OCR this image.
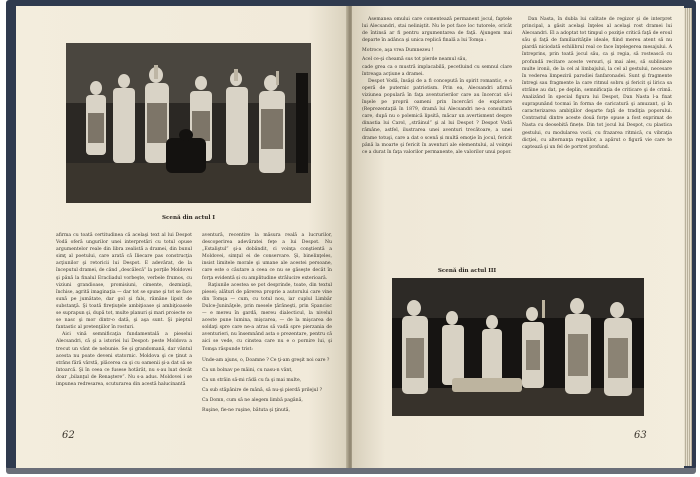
Scenă din actul I

afirma cu toată certitudinea că acelaşi text al lui Despot Vodă oferă ungurilor unei interpretări cu totul opuse argumentelor reale din libra zealistă a dramei, din bunul simţ al poetului, care arată că Iliecare pas construcţia acţiunilor şi retoricii lui Despot. E adevărat, de la începutul dramei, de când „descălecă” la porţile Moldovei şi până la finalul Eracliadul vorbeşte, verbele frumos, cu viziuni grandioase, promisiuni, cimente, dezmiaţii, închise, agrită imaginaţia — dar tot se spune şi tot se face sună pe jumătate, dar gol şi fals, rămâne lipsit de substanţă. Şi toată fireţiuţele ambiţioase şi ambiţioasele se suprapun şi, după tot, multe planuri şi mari proiecte ce se nasc şi mor dintr-o dată, şi aşa sunt. Şi pieptul fantastic al pretenţiilor în rosturi.

Aici vină semnificaţia fundamentală a pieselui Alecsandri, că şi a istoriei lui Despot: peste Moldova a trecut un vânt de nebunie. Se şi grandomană, dar vântul acesta nu poate deveni statornic. Moldova şi ce ţinut a strâns fără vârstă, plăcerea ca şi cu oamenii şi-a dat să se întoarcă. Şi în ceea ce fusese hotărât, nu s-au luat decât doar „bilanţul de Renaştere”. Nu s-a adus. Moldovei i se impunea redresarea, scuturarea din acestă halucinantă

aventură, recentire la măsura reală a lucrurilor, descoperirea adevăratei feţe a lui Despot. Nu „Estaliştul” şi-a dobândit, ci voinţa conştientă a Moldovei, simţul ei de conservare. Şi, binelinţeles, insist limitele morale şi umane ale acestei persoane, care este o căutare a ceea ce nu se găseşte decât în forţa evidentă și cu amplitudine strălucire exterioară.

Raţiunile acestea se pot desprinde, toate, din textul piesei; alături de părerea proprie a autorului care vine din Tomşa — cum, cu totul nou, iar cuplul Limbăr Dulce-Juninăţele, prin mesele ţărăneşti, prin Spancioc — e mereu în gardă, mereu dialecticul, la nivelul aceste pune lumina, mişcarea, — de la mişcarea de soldaţi spre care ne-a atras să vadă spre pierzania de aventurieri, nu însemnând asta o prezentare, pentru că aici se vede, cu cinstea care nu e o pornire lui, şi Tomşa răspunde trist:

Unde-am ajuns, o, Doamne ? Ce ţi-am greşit noi oare ?

Ca un bolnav pe mâini, cu nasu-n vânt,

Ca un străin să-mi rădă cu fa şi mai multe,

Ca sub stăpânire de mână, să nu-şi pierdă prilejul ?

Ca Domn, cum să ne alegem limbă pagână,

Ruşine, fie-ne ruşine, bătuta şi ţinută,

62

Asemanea omului care comentează permanent jocul, faptele lui Alecsandri, stai neliniştit. Nu le pot face loc tutorele, oricât de întinsă ar fi pentru argumentarea de faţă. Ajungem mai departe în adânca şi unica replică finală a lui Tomşa :

Motroce, aşa vrea Dumnezeu !

Acel ce-şi cheamă sus tot pierde neamul său,

cade grea ca o mustră implacabilă, pecetluind cu semnul clare întreaga acţiune a dramei.

Despot Vodă, însăşi de a fi concepută în spirit romantic, e o operă de puternic patriotism. Prin ea, Alecsandri afirmă viziunea populară în faţa aventurierilor care au încercat să-i înşele pe proprii oameni prin încercări de explorare (Reprezentaţiă în 1879, dramă lui Alecsandri ne-a consultată care, după nu o polemică lipsită, măcar un avertisment despre dinastia lui Carol, „străinul” şi al lui Despot ? Despot Vodă rămâne, astfel, ilustrarea unei aventuri trecătoare, a unei drame totuşi, care a dat o scenă și multă emoţie în jocul, fericit până la moarte şi fericit în aventuri ale elementului, al voinţei ce a durat în faţa valorilor permanente, ale valorilor unui popor.

Dan Nasta, în dubla lui calitate de regizor şi de interpret principal, a găsit acelaşi înţeles al acelaşi rost dramei lui Alecsandri. El a adoptat tot timpul o poziţie critică faţă de eroul său şi faţă de familiarităţile ideale, fiind mereu atent să nu piardă niciodată echilibrul real ce face înţelegerea mesajului. A întreprins, prin toată jocul său, ca şi regia, să rostească cu profundă recitare aceste versuri, şi mai ales, să sublinieze multe ironii, de la cel al limbajului, la cel al gestului, necesare în vederea limpezirii parodiei fanfaronadei. Sunt şi fragmente întregi sau fragmente la care ritmul sobru şi fericit şi lirica sa străine au dat, pe deplin, semnificaţia de criticare şi de crimă. Analizând în special figura lui Despot, Dan Nasta l-a fixat suprapunând tocmai în forma de caricatură şi amuzant, şi în caracterizarea ambiţiilor deşarte faţă de tradiţia poporului. Contrastul dintre aceste două forţe opuse a fost exprimat de Nasta cu deosebită finețe. Din tot jocul lui Despot, cu plastica gestului, cu modularea vocii, cu frazarea ritmică, cu vibraţia dicţiei, cu alternanţa regulilor, a apărut o figură vie care te captează şi un fel de portret profund.

Scenă din actul III
63
